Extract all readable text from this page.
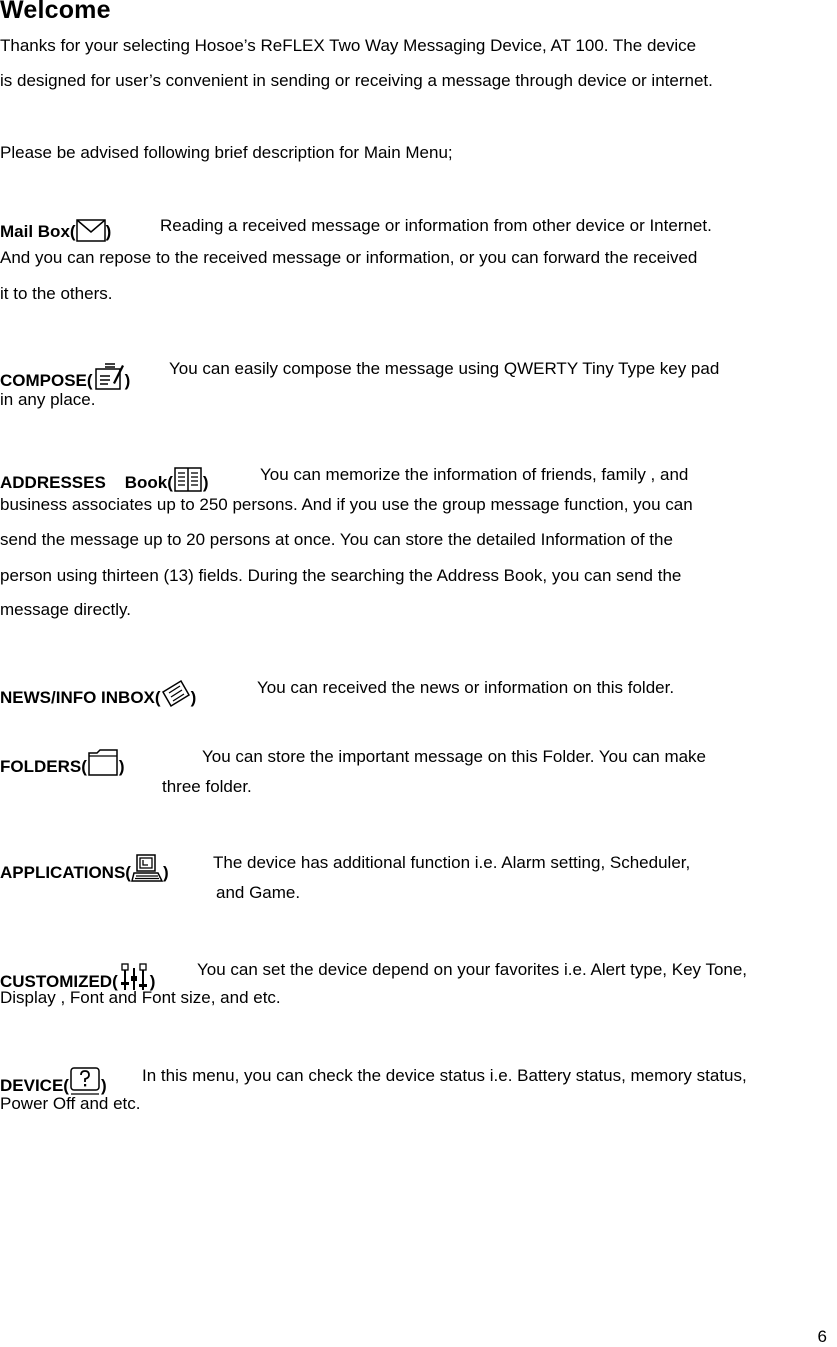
Welcome
Thanks for your selecting Hosoe’s ReFLEX Two Way Messaging Device, AT 100. The device
is designed for user’s convenient in sending or receiving a message through device or internet.
Please be advised following brief description for Main Menu;
Mail Box( )	Reading a received message or information from other device or Internet.
And you can repose to the received message or information, or you can forward the received
it to the others.
COMPOSE( )
You can easily compose the message using QWERTY Tiny Type key pad
in any place.
ADDRESSES    Book( )	You can memorize the information of friends, family , and
business associates up to 250 persons. And if you use the group message function, you can
send the message up to 20 persons at once. You can store the detailed Information of the
person using thirteen (13) fields. During the searching the Address Book, you can send the
message directly.
NEWS/INFO INBOX( )
You can received the news or information on this folder.
FOLDERS( )
You can store the important message on this Folder. You can make
three folder.
APPLICATIONS( )
The device has additional function i.e. Alarm setting, Scheduler,
and Game.
CUSTOMIZED( )
You can set the device depend on your favorites i.e. Alert type, Key Tone,
Display , Font and Font size, and etc.
DEVICE( )
In this menu, you can check the device status i.e. Battery status, memory status,
Power Off and etc.
6
